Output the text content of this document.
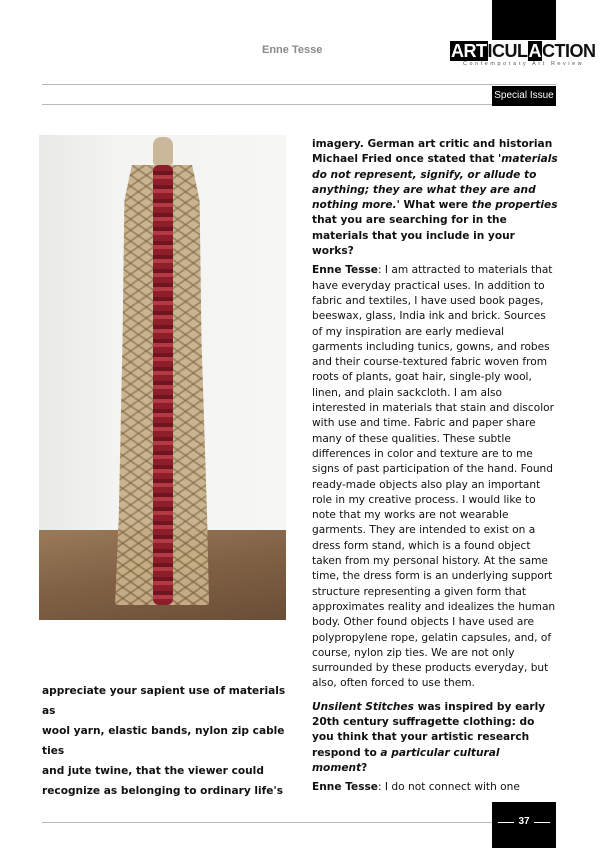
Enne Tesse	ARTICULACTION
Contemporary Art Review
Special Issue

imagery. German art critic and historian Michael Fried once stated that 'materials do not represent, signify, or allude to anything; they are what they are and nothing more.' What were the properties that you are searching for in the materials that you include in your works?

Enne Tesse: I am attracted to materials that have everyday practical uses. In addition to fabric and textiles, I have used book pages, beeswax, glass, India ink and brick. Sources of my inspiration are early medieval garments including tunics, gowns, and robes and their course-textured fabric woven from roots of plants, goat hair, single-ply wool, linen, and plain sackcloth. I am also interested in materials that stain and discolor with use and time. Fabric and paper share many of these qualities. These subtle differences in color and texture are to me signs of past participation of the hand. Found ready-made objects also play an important role in my creative process. I would like to note that my works are not wearable garments. They are intended to exist on a dress form stand, which is a found object taken from my personal history. At the same time, the dress form is an underlying support structure representing a given form that approximates reality and idealizes the human body. Other found objects I have used are polypropylene rope, gelatin capsules, and, of course, nylon zip ties. We are not only surrounded by these products everyday, but also, often forced to use them.

Unsilent Stitches was inspired by early 20th century suffragette clothing: do you think that your artistic research respond to a particular cultural moment?

Enne Tesse: I do not connect with one

appreciate your sapient use of materials as

wool yarn, elastic bands, nylon zip cable ties

and jute twine, that the viewer could

recognize as belonging to ordinary life's

37
